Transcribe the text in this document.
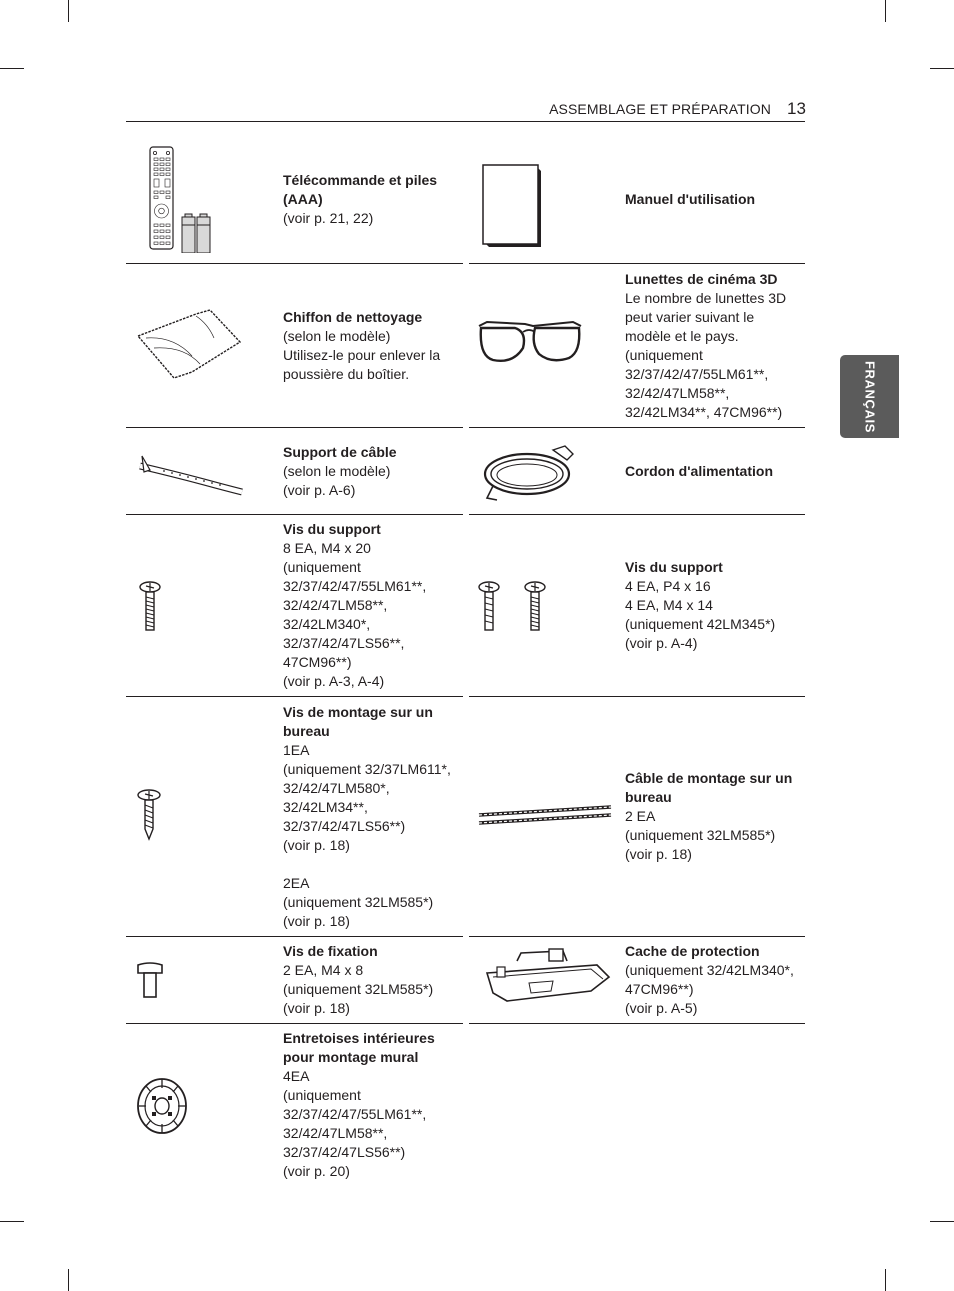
ASSEMBLAGE ET PRÉPARATION 13
FRANÇAIS
Télécommande et piles (AAA)
(voir p. 21, 22)
Manuel d'utilisation
Chiffon de nettoyage
(selon le modèle)
Utilisez-le pour enlever la poussière du boîtier.
Lunettes de cinéma 3D
Le nombre de lunettes 3D peut varier suivant le modèle et le pays.
(uniquement 32/37/42/47/55LM61**, 32/42/47LM58**, 32/42LM34**, 47CM96**)
Support de câble
(selon le modèle)
(voir p. A-6)
Cordon d'alimentation
Vis du support
8 EA, M4 x 20
(uniquement 32/37/42/47/55LM61**, 32/42/47LM58**, 32/42LM340*, 32/37/42/47LS56**, 47CM96**)
(voir p. A-3, A-4)
Vis du support
4 EA, P4 x 16
4 EA, M4 x 14
(uniquement 42LM345*)
(voir p. A-4)
Vis de montage sur un bureau
1EA
(uniquement 32/37LM611*, 32/42/47LM580*, 32/42LM34**, 32/37/42/47LS56**)
(voir p. 18)

2EA
(uniquement 32LM585*)
(voir p. 18)
Câble de montage sur un bureau
2 EA
(uniquement 32LM585*)
(voir p. 18)
Vis de fixation
2 EA, M4 x 8
(uniquement 32LM585*)
(voir p. 18)
Cache de protection
(uniquement 32/42LM340*, 47CM96**)
(voir p. A-5)
Entretoises intérieures pour montage mural
4EA
(uniquement 32/37/42/47/55LM61**, 32/42/47LM58**, 32/37/42/47LS56**)
(voir p. 20)
